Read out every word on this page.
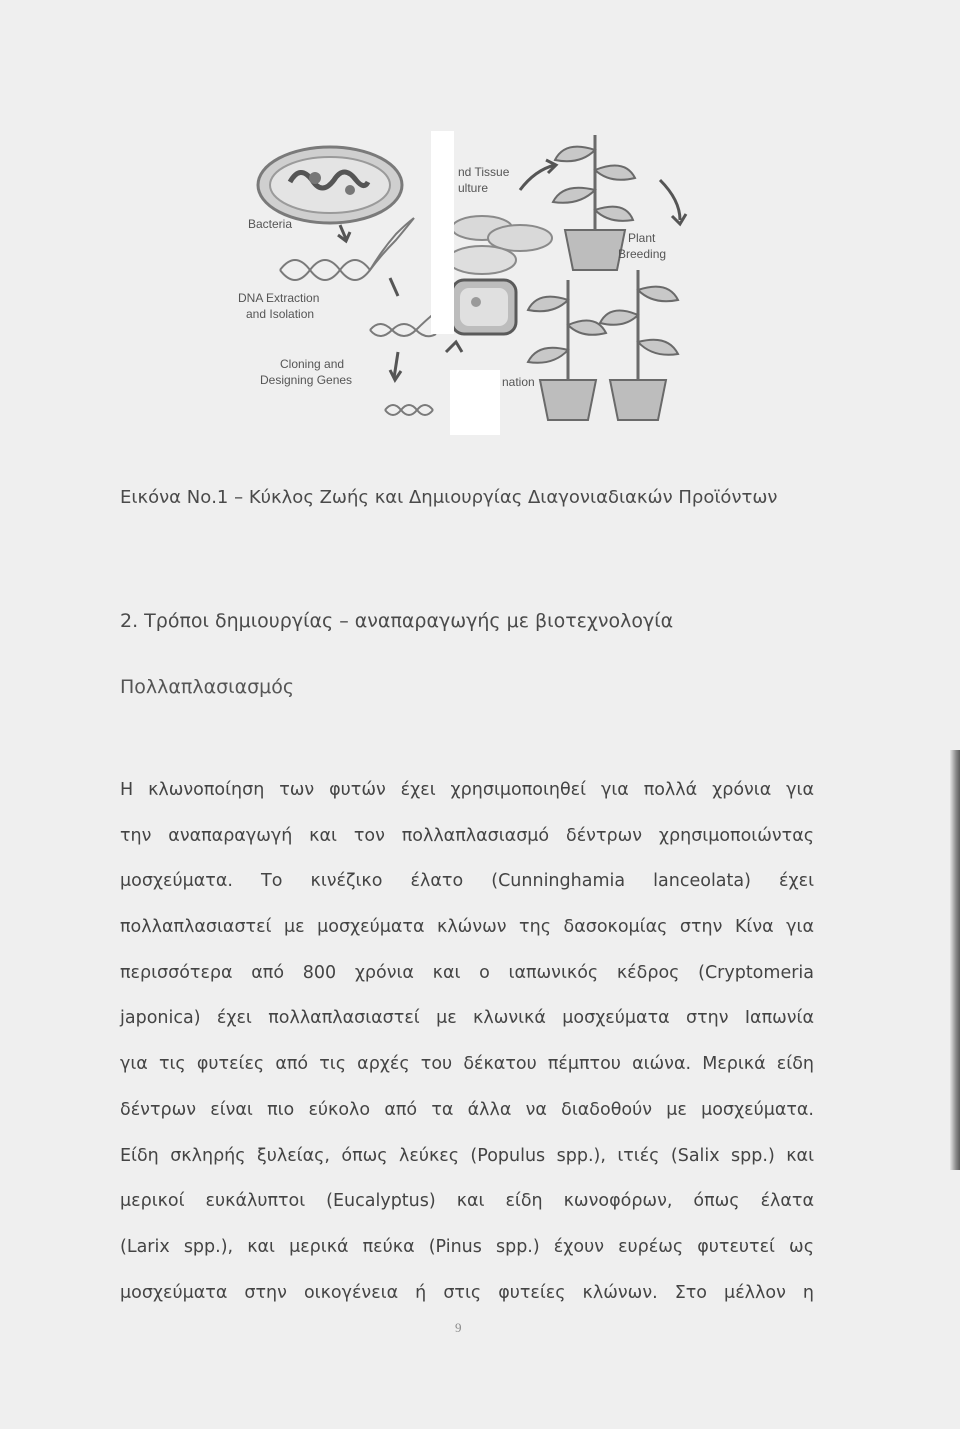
Bacteria
nd Tissue
ulture
Plant
Breeding
DNA Extraction
and Isolation
Cloning and
Designing Genes	nation
Εικόνα Νο.1 – Κύκλος Ζωής και Δημιουργίας Διαγονιαδιακών Προϊόντων
2. Τρόποι δημιουργίας – αναπαραγωγής με βιοτεχνολογία
Πολλαπλασιασμός
Η κλωνοποίηση των φυτών έχει χρησιμοποιηθεί για πολλά χρόνια για
την αναπαραγωγή και τον πολλαπλασιασμό δέντρων χρησιμοποιώντας
μοσχεύματα. Το κινέζικο έλατο (Cunninghamia lanceolata) έχει
πολλαπλασιαστεί με μοσχεύματα κλώνων της δασοκομίας στην Κίνα για
περισσότερα από 800 χρόνια και ο ιαπωνικός κέδρος (Cryptomeria
japonica) έχει πολλαπλασιαστεί με κλωνικά μοσχεύματα στην Ιαπωνία
για τις φυτείες από τις αρχές του δέκατου πέμπτου αιώνα. Μερικά είδη
δέντρων είναι πιο εύκολο από τα άλλα να διαδοθούν με μοσχεύματα.
Είδη σκληρής ξυλείας, όπως λεύκες (Populus spp.), ιτιές (Salix spp.) και
μερικοί ευκάλυπτοι (Eucalyptus) και είδη κωνοφόρων, όπως έλατα
(Larix spp.), και μερικά πεύκα (Pinus spp.) έχουν ευρέως φυτευτεί ως
μοσχεύματα στην οικογένεια ή στις φυτείες κλώνων. Στο μέλλον η
9
